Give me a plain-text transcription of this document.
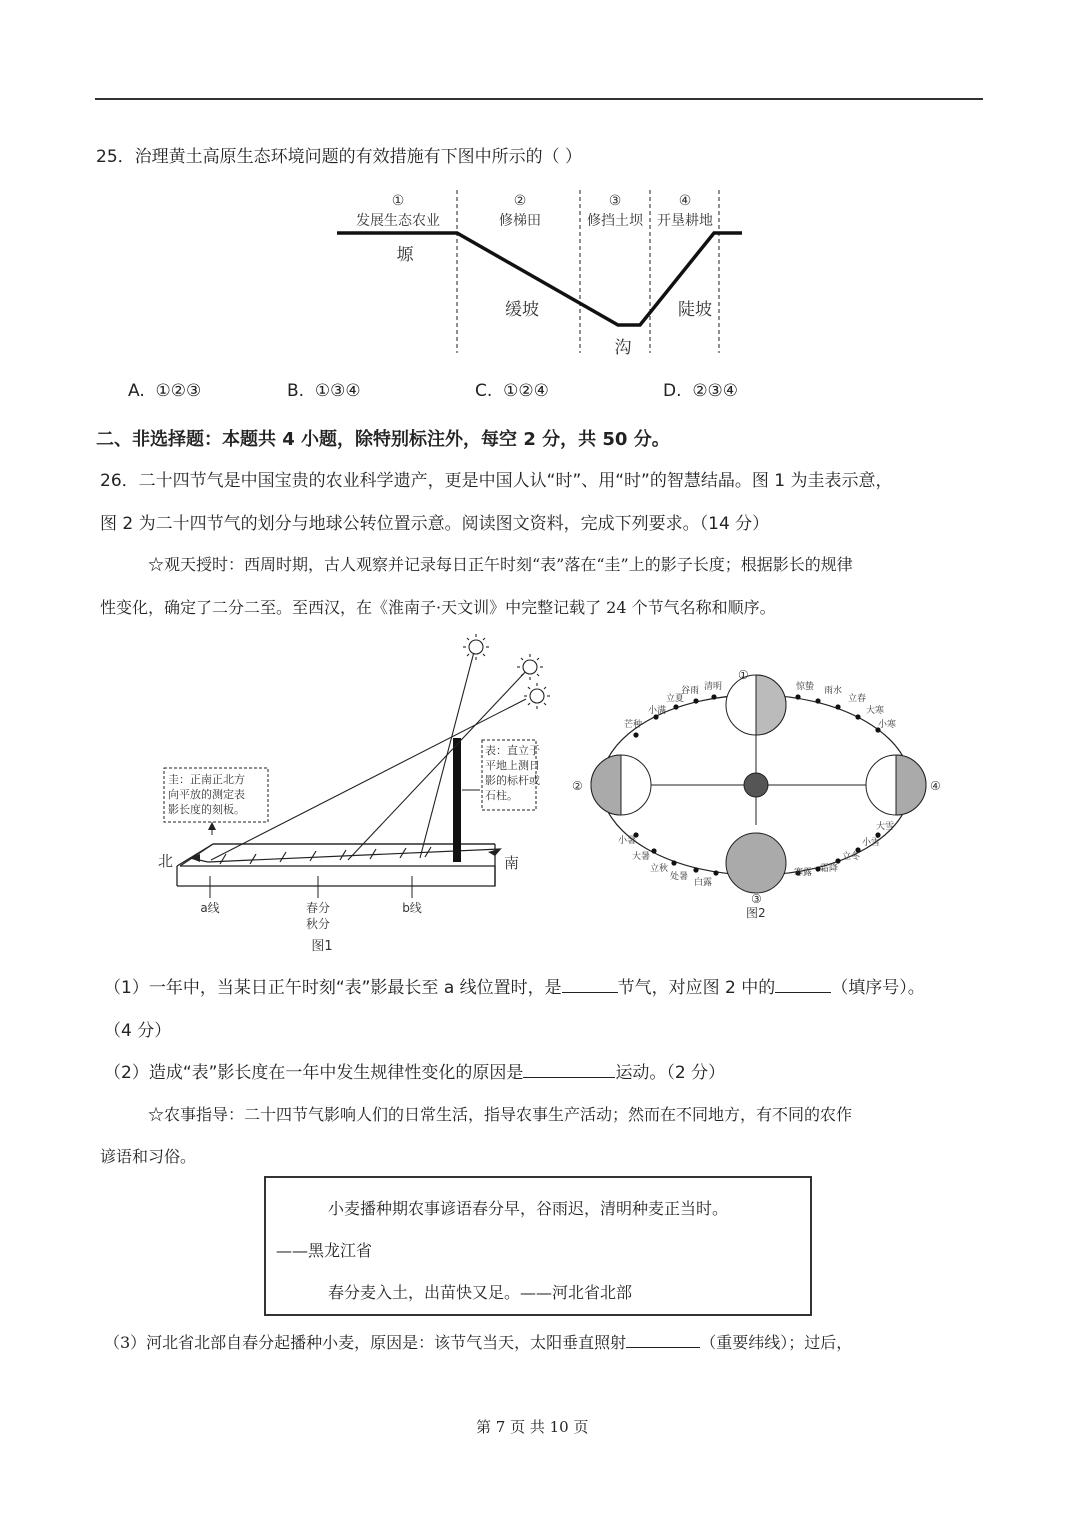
25．治理黄土高原生态环境问题的有效措施有下图中所示的（ ）
①
发展生态农业
②
修梯田
③
修挡土坝
④
开垦耕地
塬
缓坡
沟
陡坡
A. ①②③	B. ①③④	C. ①②④	D. ②③④
二、非选择题：本题共 4 小题，除特别标注外，每空 2 分，共 50 分。
26．二十四节气是中国宝贵的农业科学遗产，更是中国人认“时”、用“时”的智慧结晶。图 1 为圭表示意，
图 2 为二十四节气的划分与地球公转位置示意。阅读图文资料，完成下列要求。（14 分）
☆观天授时：西周时期，古人观察并记录每日正午时刻“表”落在“圭”上的影子长度；根据影长的规律
性变化，确定了二分二至。至西汉，在《淮南子·天文训》中完整记载了 24 个节气名称和顺序。
圭：正南正北方
向平放的测定表
影长度的刻板。
表：直立于
平地上测日
影的标杆或
石柱。
北	南
a线	春分
秋分
b线
图1
①
②
③
④
谷雨 清明
立夏
小满
芒种
惊蛰 雨水
立春
大寒
小寒
小暑
大暑
立秋
处暑
白露
大雪
小雪
立冬
霜降
寒露
图2
（1）一年中，当某日正午时刻“表”影最长至 a 线位置时，是	节气，对应图 2 中的	（填序号）。
（4 分）
（2）造成“表”影长度在一年中发生规律性变化的原因是	运动。（2 分）
☆农事指导：二十四节气影响人们的日常生活，指导农事生产活动；然而在不同地方，有不同的农作
谚语和习俗。
小麦播种期农事谚语春分早，谷雨迟，清明种麦正当时。
——黑龙江省
春分麦入土，出苗快又足。——河北省北部
（3）河北省北部自春分起播种小麦，原因是：该节气当天，太阳垂直照射	（重要纬线）；过后，
第 7 页 共 10 页
